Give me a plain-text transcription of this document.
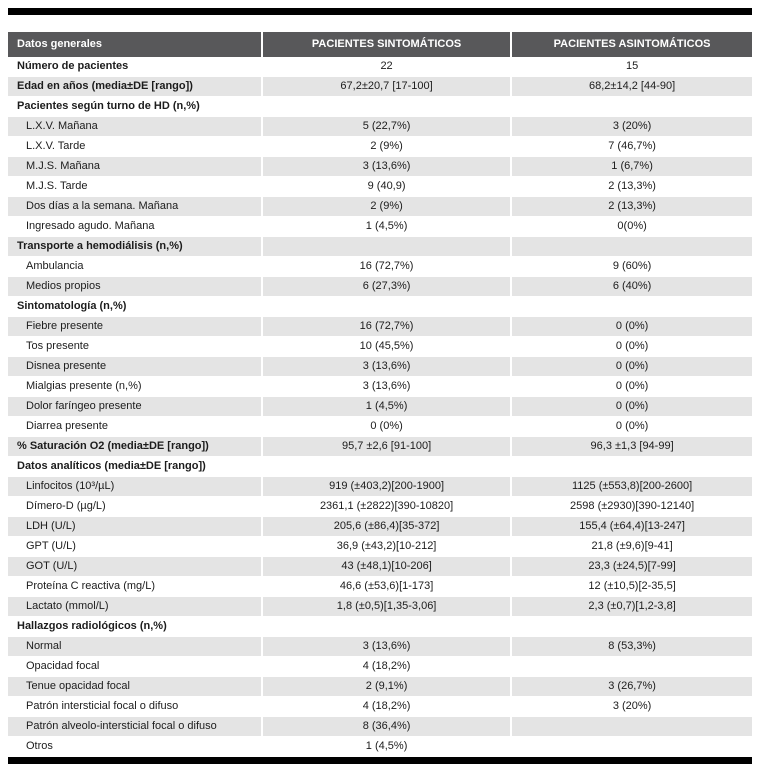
Datos generales	PACIENTES SINTOMÁTICOS	PACIENTES ASINTOMÁTICOS
Número de pacientes	22	15
Edad en años (media±DE [rango])	67,2±20,7 [17-100]	68,2±14,2 [44-90]
Pacientes según turno de HD (n,%)		
L.X.V. Mañana	5 (22,7%)	3 (20%)
L.X.V. Tarde	2 (9%)	7 (46,7%)
M.J.S. Mañana	3 (13,6%)	1 (6,7%)
M.J.S. Tarde	9 (40,9)	2 (13,3%)
Dos días a la semana. Mañana	2 (9%)	2 (13,3%)
Ingresado agudo. Mañana	1 (4,5%)	0(0%)
Transporte a hemodiálisis (n,%)		
Ambulancia	16 (72,7%)	9 (60%)
Medios propios	6 (27,3%)	6 (40%)
Sintomatología (n,%)		
Fiebre presente	16 (72,7%)	0 (0%)
Tos presente	10 (45,5%)	0 (0%)
Disnea presente	3 (13,6%)	0 (0%)
Mialgias presente (n,%)	3 (13,6%)	0 (0%)
Dolor faríngeo presente	1 (4,5%)	0 (0%)
Diarrea presente	0 (0%)	0 (0%)
% Saturación O2 (media±DE [rango])	95,7 ±2,6 [91-100]	96,3 ±1,3 [94-99]
Datos analíticos (media±DE [rango])		
Linfocitos (10³/µL)	919 (±403,2)[200-1900]	1125 (±553,8)[200-2600]
Dímero-D (µg/L)	2361,1 (±2822)[390-10820]	2598 (±2930)[390-12140]
LDH (U/L)	205,6 (±86,4)[35-372]	155,4 (±64,4)[13-247]
GPT (U/L)	36,9 (±43,2)[10-212]	21,8 (±9,6)[9-41]
GOT (U/L)	43 (±48,1)[10-206]	23,3 (±24,5)[7-99]
Proteína C reactiva (mg/L)	46,6 (±53,6)[1-173]	12 (±10,5)[2-35,5]
Lactato (mmol/L)	1,8 (±0,5)[1,35-3,06]	2,3 (±0,7)[1,2-3,8]
Hallazgos radiológicos (n,%)		
Normal	3 (13,6%)	8 (53,3%)
Opacidad focal	4 (18,2%)	
Tenue opacidad focal	2 (9,1%)	3 (26,7%)
Patrón intersticial focal o difuso	4 (18,2%)	3 (20%)
Patrón alveolo-intersticial focal o difuso	8 (36,4%)	
Otros	1 (4,5%)	
